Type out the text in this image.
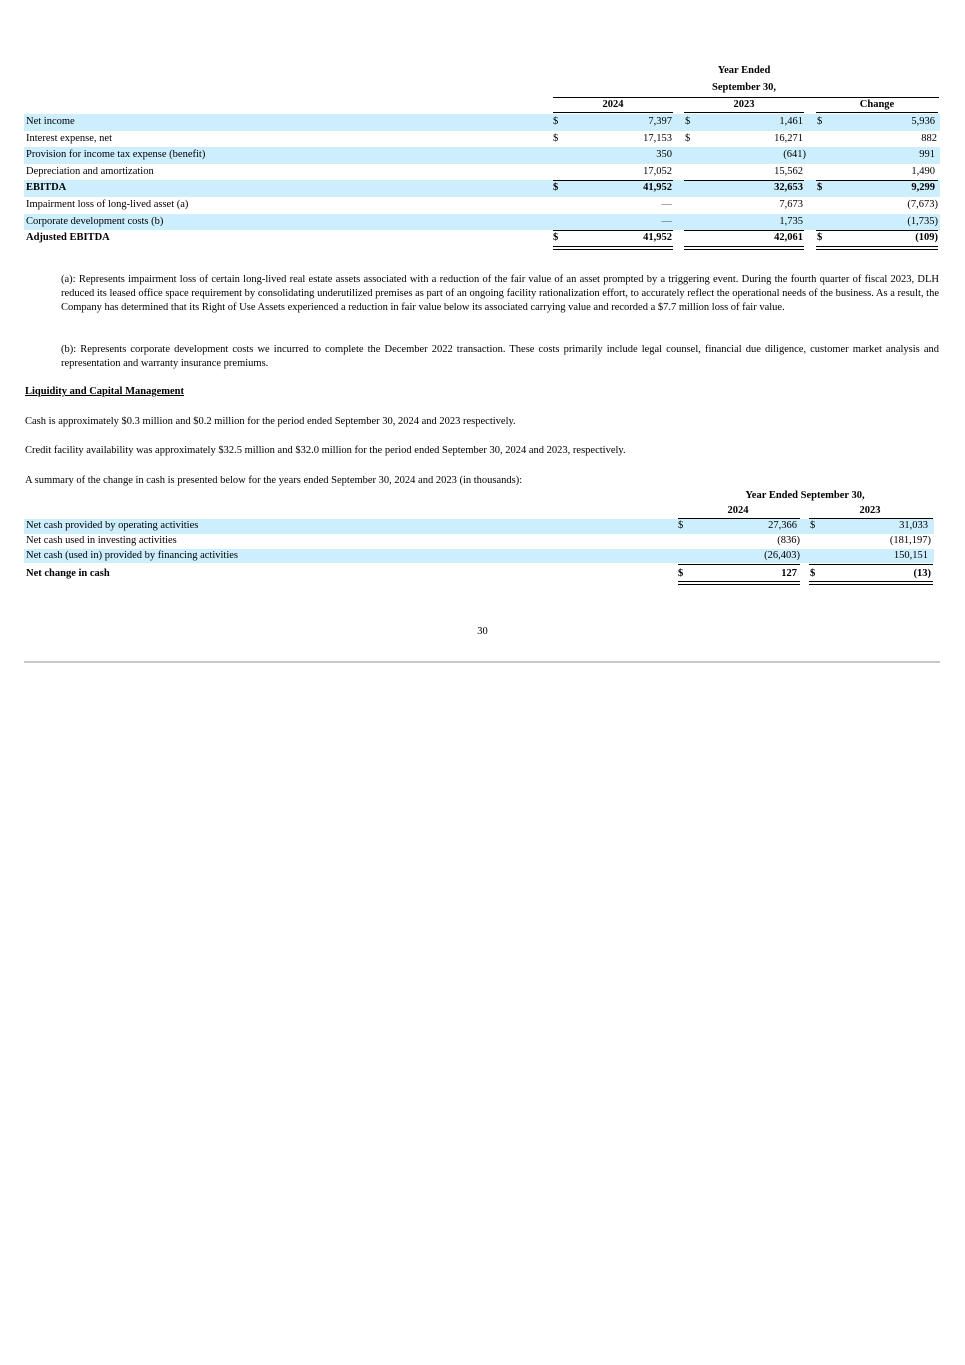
Year Ended
September 30,
2024	2023	Change
Net income	$	7,397 $	1,461 $	5,936
Interest expense, net	$	17,153 $	16,271	882
Provision for income tax expense (benefit)	350	(641)	991
Depreciation and amortization	17,052	15,562	1,490
EBITDA	$	41,952	32,653 $	9,299
Impairment loss of long-lived asset (a)	—	7,673	(7,673)
Corporate development costs (b)	—	1,735	(1,735)
Adjusted EBITDA	$	41,952	42,061 $	(109)
(a): Represents impairment loss of certain long-lived real estate assets associated with a reduction of the fair value of an asset prompted by a triggering event. During the fourth quarter of fiscal 2023, DLH reduced its leased office space requirement by consolidating underutilized premises as part of an ongoing facility rationalization effort, to accurately reflect the operational needs of the business. As a result, the Company has determined that its Right of Use Assets experienced a reduction in fair value below its associated carrying value and recorded a $7.7 million loss of fair value.
(b): Represents corporate development costs we incurred to complete the December 2022 transaction. These costs primarily include legal counsel, financial due diligence, customer market analysis and representation and warranty insurance premiums.
Liquidity and Capital Management
Cash is approximately $0.3 million and $0.2 million for the period ended September 30, 2024 and 2023 respectively.
Credit facility availability was approximately $32.5 million and $32.0 million for the period ended September 30, 2024 and 2023, respectively.
A summary of the change in cash is presented below for the years ended September 30, 2024 and 2023 (in thousands):
Year Ended September 30,
2024	2023
Net cash provided by operating activities	$	27,366 $	31,033
Net cash used in investing activities	(836)	(181,197)
Net cash (used in) provided by financing activities	(26,403)	150,151
Net change in cash	$	127 $	(13)
30
